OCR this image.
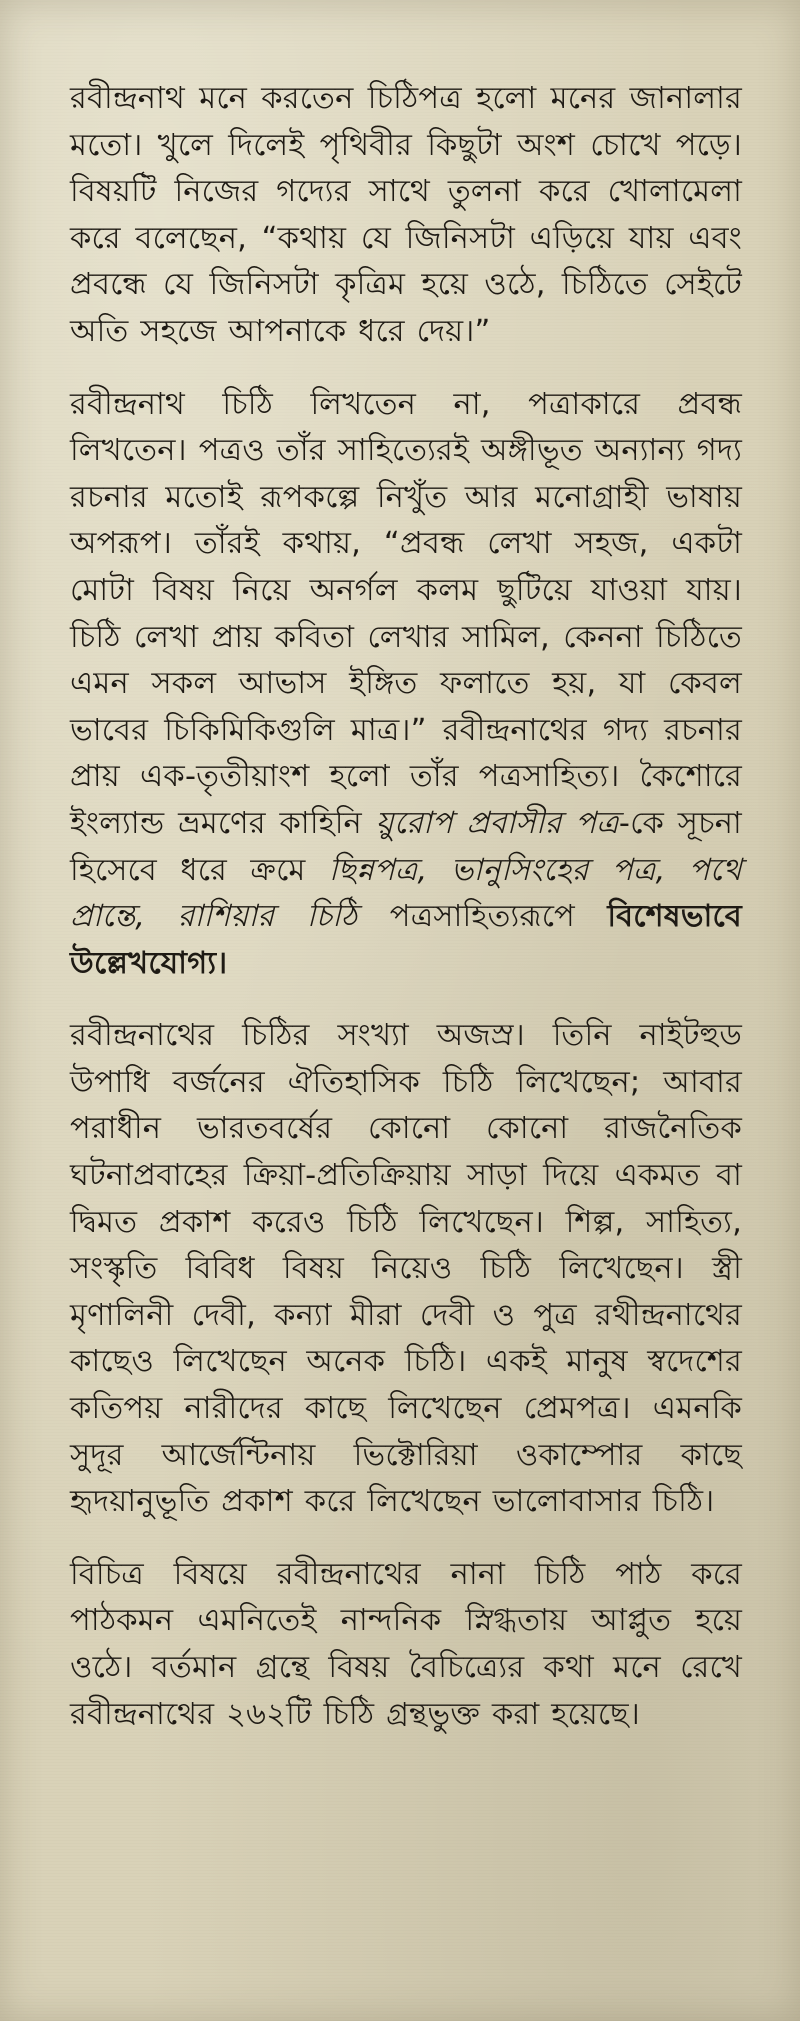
রবীন্দ্রনাথ মনে করতেন চিঠিপত্র হলো মনের জানালার মতো। খুলে দিলেই পৃথিবীর কিছুটা অংশ চোখে পড়ে। বিষয়টি নিজের গদ্যের সাথে তুলনা করে খোলামেলা করে বলেছেন, “কথায় যে জিনিসটা এড়িয়ে যায় এবং প্রবন্ধে যে জিনিসটা কৃত্রিম হয়ে ওঠে, চিঠিতে সেইটে অতি সহজে আপনাকে ধরে দেয়।”

রবীন্দ্রনাথ চিঠি লিখতেন না, পত্রাকারে প্রবন্ধ লিখতেন। পত্রও তাঁর সাহিত্যেরই অঙ্গীভূত অন্যান্য গদ্য রচনার মতোই রূপকল্পে নিখুঁত আর মনোগ্রাহী ভাষায় অপরূপ। তাঁরই কথায়, “প্রবন্ধ লেখা সহজ, একটা মোটা বিষয় নিয়ে অনর্গল কলম ছুটিয়ে যাওয়া যায়। চিঠি লেখা প্রায় কবিতা লেখার সামিল, কেননা চিঠিতে এমন সকল আভাস ইঙ্গিত ফলাতে হয়, যা কেবল ভাবের চিকিমিকিগুলি মাত্র।” রবীন্দ্রনাথের গদ্য রচনার প্রায় এক-তৃতীয়াংশ হলো তাঁর পত্রসাহিত্য। কৈশোরে ইংল্যান্ড ভ্রমণের কাহিনি য়ুরোপ প্রবাসীর পত্র-কে সূচনা হিসেবে ধরে ক্রমে ছিন্নপত্র, ভানুসিংহের পত্র, পথে প্রান্তে, রাশিয়ার চিঠি পত্রসাহিত্যরূপে বিশেষভাবে উল্লেখযোগ্য।

রবীন্দ্রনাথের চিঠির সংখ্যা অজস্র। তিনি নাইটহুড উপাধি বর্জনের ঐতিহাসিক চিঠি লিখেছেন; আবার পরাধীন ভারতবর্ষের কোনো কোনো রাজনৈতিক ঘটনাপ্রবাহের ক্রিয়া-প্রতিক্রিয়ায় সাড়া দিয়ে একমত বা দ্বিমত প্রকাশ করেও চিঠি লিখেছেন। শিল্প, সাহিত্য, সংস্কৃতি বিবিধ বিষয় নিয়েও চিঠি লিখেছেন। স্ত্রী মৃণালিনী দেবী, কন্যা মীরা দেবী ও পুত্র রথীন্দ্রনাথের কাছেও লিখেছেন অনেক চিঠি। একই মানুষ স্বদেশের কতিপয় নারীদের কাছে লিখেছেন প্রেমপত্র। এমনকি সুদূর আর্জেন্টিনায় ভিক্টোরিয়া ওকাম্পোর কাছে হৃদয়ানুভূতি প্রকাশ করে লিখেছেন ভালোবাসার চিঠি।

বিচিত্র বিষয়ে রবীন্দ্রনাথের নানা চিঠি পাঠ করে পাঠকমন এমনিতেই নান্দনিক স্নিগ্ধতায় আপ্লুত হয়ে ওঠে। বর্তমান গ্রন্থে বিষয় বৈচিত্র্যের কথা মনে রেখে রবীন্দ্রনাথের ২৬২টি চিঠি গ্রন্থভুক্ত করা হয়েছে।
